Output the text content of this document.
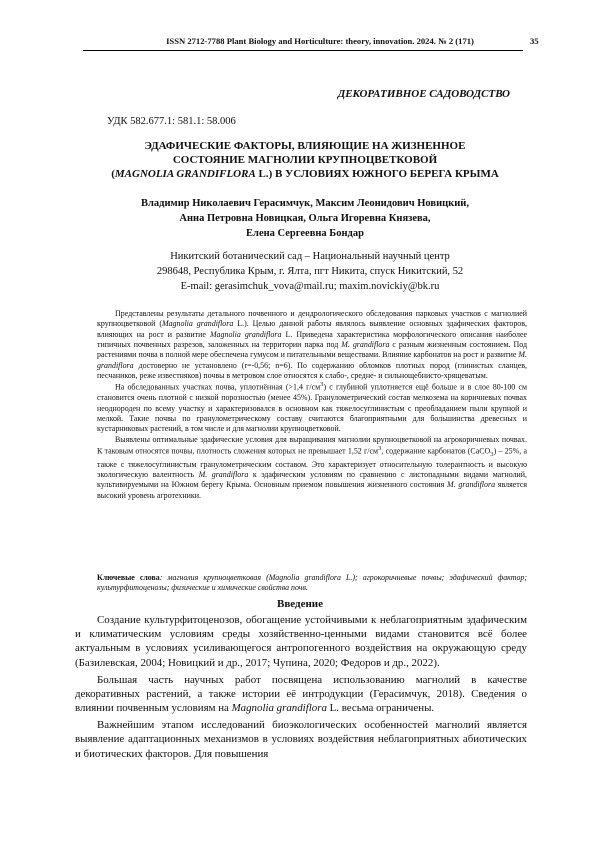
ISSN 2712-7788 Plant Biology and Horticulture: theory, innovation. 2024. № 2 (171)	35
ДЕКОРАТИВНОЕ САДОВОДСТВО
УДК 582.677.1: 581.1: 58.006
ЭДАФИЧЕСКИЕ ФАКТОРЫ, ВЛИЯЮЩИЕ НА ЖИЗНЕННОЕ
СОСТОЯНИЕ МАГНОЛИИ КРУПНОЦВЕТКОВОЙ
(MAGNOLIA GRANDIFLORA L.) В УСЛОВИЯХ ЮЖНОГО БЕРЕГА КРЫМА
Владимир Николаевич Герасимчук, Максим Леонидович Новицкий,
Анна Петровна Новицкая, Ольга Игоревна Князева,
Елена Сергеевна Бондар
Никитский ботанический сад – Национальный научный центр
298648, Республика Крым, г. Ялта, пгт Никита, спуск Никитский, 52
E-mail: gerasimchuk_vova@mail.ru; maxim.novickiy@bk.ru

Представлены результаты детального почвенного и дендрологического обследования парковых участков с магнолией крупноцветковой (Magnolia grandiflora L.). Целью данной работы являлось выявление основных эдафических факторов, влияющих на рост и развитие Magnolia grandiflora L. Приведена характеристика морфологического описания наиболее типичных почвенных разрезов, заложенных на территории парка под M. grandiflora с разным жизненным состоянием. Под растениями почва в полной мере обеспечена гумусом и питательными веществами. Влияние карбонатов на рост и развитие M. grandiflora достоверно не установлено (r=-0,56; n=6). По содержанию обломков плотных пород (глинистых сланцев, песчаников, реже известняков) почвы в метровом слое относятся к слабо-, средне- и сильнощебнисто-хрящеватым.

На обследованных участках почва, уплотнённая (>1,4 $г/см^3$) с глубиной уплотняется ещё больше и в слое 80-100 см становится очень плотной с низкой порозностью (менее 45%). Гранулометрический состав мелкозема на коричневых почвах неоднороден по всему участку и характеризовался в основном как тяжелосуглинистым с преобладанием пыли крупной и мелкой. Такие почвы по гранулометрическому составу считаются благоприятными для большинства древесных и кустарниковых растений, в том числе и для магнолии крупноцветковой.

Выявлены оптимальные эдафические условия для выращивания магнолии крупноцветковой на агрокоричневых почвах. К таковым относятся почвы, плотность сложения которых не превышает 1,52 $г/см^3$, содержание карбонатов (CaCO$_3$) – 25%, а также с тяжелосуглинистым гранулометрическим составом. Это характеризует относительную толерантность и высокую экологическую валентность M. grandiflora к эдафическим условиям по сравнению с листопадными видами магнолий, культивируемыми на Южном берегу Крыма. Основным приемом повышения жизненного состояния M. grandiflora является высокий уровень агротехники.

Ключевые слова: магнолия крупноцветковая (Magnolia grandiflora L.); агрокоричневые почвы; эдафический фактор; культурфитоценозы; физические и химические свойства почв.
Введение

Создание культурфитоценозов, обогащение устойчивыми к неблагоприятным эдафическим и климатическим условиям среды хозяйственно-ценными видами становится всё более актуальным в условиях усиливающегося антропогенного воздействия на окружающую среду (Базилевская, 2004; Новицкий и др., 2017; Чупина, 2020; Федоров и др., 2022).

Большая часть научных работ посвящена использованию магнолий в качестве декоративных растений, а также истории её интродукции (Герасимчук, 2018). Сведения о влиянии почвенным условиям на Magnolia grandiflora L. весьма ограничены.

Важнейшим этапом исследований биоэкологических особенностей магнолий является выявление адаптационных механизмов в условиях воздействия неблагоприятных абиотических и биотических факторов. Для повышения
